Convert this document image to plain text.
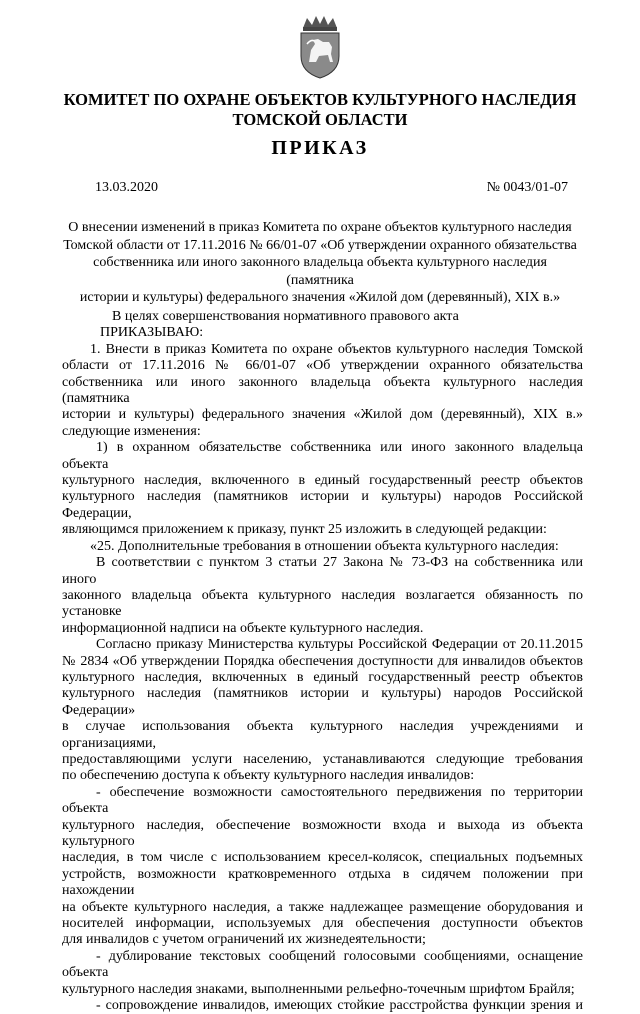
КОМИТЕТ ПО ОХРАНЕ ОБЪЕКТОВ КУЛЬТУРНОГО НАСЛЕДИЯ
ТОМСКОЙ ОБЛАСТИ
ПРИКАЗ
13.03.2020	№ 0043/01-07
О внесении изменений в приказ Комитета по охране объектов культурного наследия
Томской области от 17.11.2016 № 66/01-07 «Об утверждении охранного обязательства
собственника или иного законного владельца объекта культурного наследия (памятника
истории и культуры) федерального значения «Жилой дом (деревянный), XIX в.»

В целях совершенствования нормативного правового акта

ПРИКАЗЫВАЮ:

1. Внести в приказ Комитета по охране объектов культурного наследия Томской

области от 17.11.2016 № 66/01-07 «Об утверждении охранного обязательства

собственника или иного законного владельца объекта культурного наследия (памятника

истории и культуры) федерального значения «Жилой дом (деревянный), XIX в.»

следующие изменения:

1) в охранном обязательстве собственника или иного законного владельца объекта

культурного наследия, включенного в единый государственный реестр объектов

культурного наследия (памятников истории и культуры) народов Российской Федерации,

являющимся приложением к приказу, пункт 25 изложить в следующей редакции:

«25. Дополнительные требования в отношении объекта культурного наследия:

В соответствии с пунктом 3 статьи 27 Закона № 73-ФЗ на собственника или иного

законного владельца объекта культурного наследия возлагается обязанность по установке

информационной надписи на объекте культурного наследия.

Согласно приказу Министерства культуры Российской Федерации от 20.11.2015

№ 2834 «Об утверждении Порядка обеспечения доступности для инвалидов объектов

культурного наследия, включенных в единый государственный реестр объектов

культурного наследия (памятников истории и культуры) народов Российской Федерации»

в случае использования объекта культурного наследия учреждениями и организациями,

предоставляющими услуги населению, устанавливаются следующие требования

по обеспечению доступа к объекту культурного наследия инвалидов:

- обеспечение возможности самостоятельного передвижения по территории объекта

культурного наследия, обеспечение возможности входа и выхода из объекта культурного

наследия, в том числе с использованием кресел-колясок, специальных подъемных

устройств, возможности кратковременного отдыха в сидячем положении при нахождении

на объекте культурного наследия, а также надлежащее размещение оборудования и

носителей информации, используемых для обеспечения доступности объектов

для инвалидов с учетом ограничений их жизнедеятельности;

- дублирование текстовых сообщений голосовыми сообщениями, оснащение объекта

культурного наследия знаками, выполненными рельефно-точечным шрифтом Брайля;

- сопровождение инвалидов, имеющих стойкие расстройства функции зрения и
